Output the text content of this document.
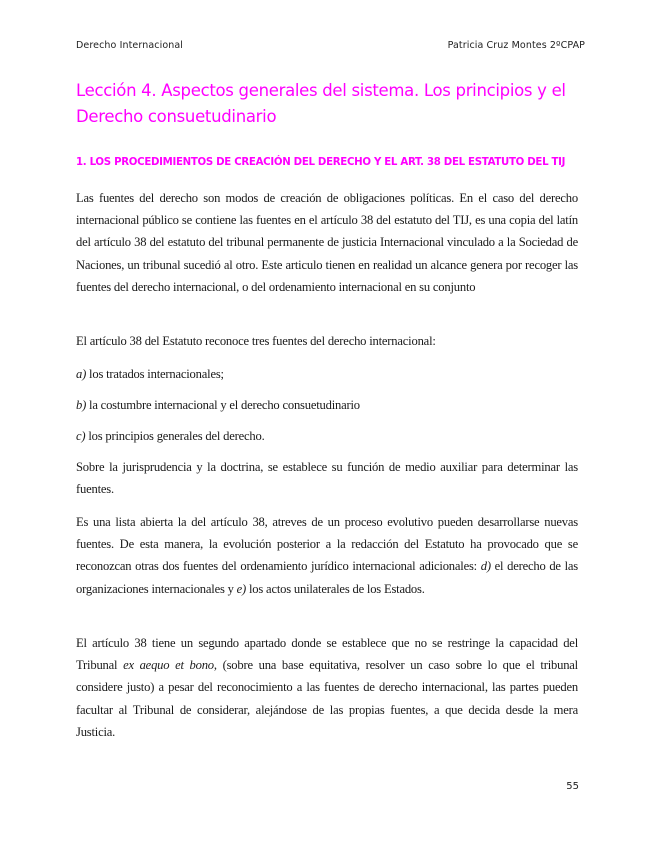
Derecho Internacional	Patricia Cruz Montes 2ºCPAP
Lección 4. Aspectos generales del sistema. Los principios y el Derecho consuetudinario
1. LOS PROCEDIMIENTOS DE CREACIÓN DEL DERECHO Y EL ART. 38 DEL ESTATUTO DEL TIJ

Las fuentes del derecho son modos de creación de obligaciones políticas. En el caso del derecho internacional público se contiene las fuentes en el artículo 38 del estatuto del TIJ, es una copia del latín del artículo 38 del estatuto del tribunal permanente de justicia Internacional vinculado a la Sociedad de Naciones, un tribunal sucedió al otro. Este articulo tienen en realidad un alcance genera por recoger las fuentes del derecho internacional, o del ordenamiento internacional en su conjunto

El artículo 38 del Estatuto reconoce tres fuentes del derecho internacional:

a) los tratados internacionales;

b) la costumbre internacional y el derecho consuetudinario

c) los principios generales del derecho.

Sobre la jurisprudencia y la doctrina, se establece su función de medio auxiliar para determinar las fuentes.

Es una lista abierta la del artículo 38, atreves de un proceso evolutivo pueden desarrollarse nuevas fuentes. De esta manera, la evolución posterior a la redacción del Estatuto ha provocado que se reconozcan otras dos fuentes del ordenamiento jurídico internacional adicionales: d) el derecho de las organizaciones internacionales y e) los actos unilaterales de los Estados.

El artículo 38 tiene un segundo apartado donde se establece que no se restringe la capacidad del Tribunal ex aequo et bono, (sobre una base equitativa, resolver un caso sobre lo que el tribunal considere justo) a pesar del reconocimiento a las fuentes de derecho internacional, las partes pueden facultar al Tribunal de considerar, alejándose de las propias fuentes, a que decida desde la mera Justicia.

55
